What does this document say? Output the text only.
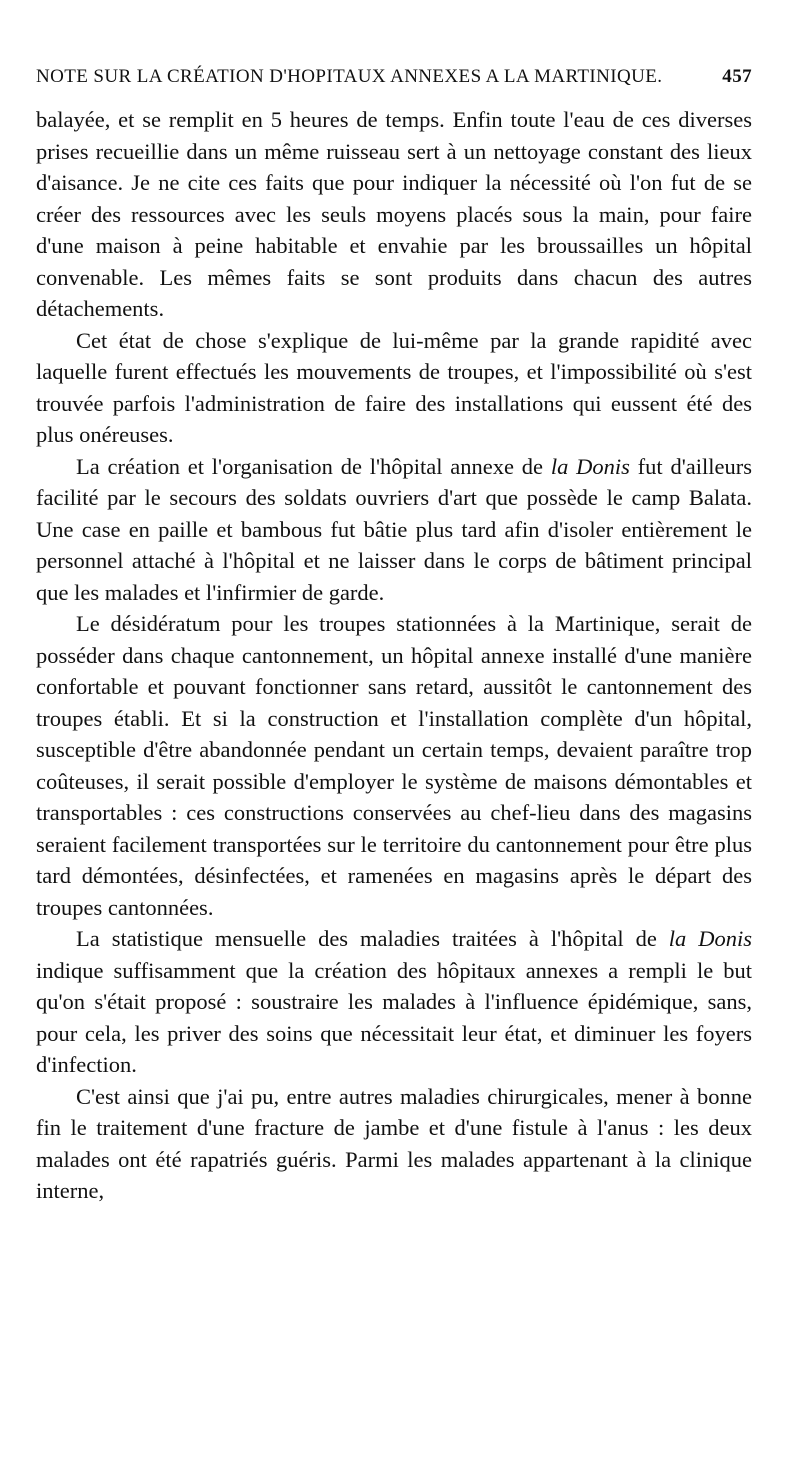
NOTE SUR LA CRÉATION D'HOPITAUX ANNEXES A LA MARTINIQUE.	457

balayée, et se remplit en 5 heures de temps. Enfin toute l'eau de ces diverses prises recueillie dans un même ruisseau sert à un nettoyage constant des lieux d'aisance. Je ne cite ces faits que pour indiquer la nécessité où l'on fut de se créer des ressources avec les seuls moyens placés sous la main, pour faire d'une maison à peine habitable et envahie par les broussailles un hôpital convenable. Les mêmes faits se sont produits dans chacun des autres détachements.

Cet état de chose s'explique de lui-même par la grande rapidité avec laquelle furent effectués les mouvements de troupes, et l'impossibilité où s'est trouvée parfois l'administration de faire des installations qui eussent été des plus onéreuses.

La création et l'organisation de l'hôpital annexe de la Donis fut d'ailleurs facilité par le secours des soldats ouvriers d'art que possède le camp Balata. Une case en paille et bambous fut bâtie plus tard afin d'isoler entièrement le personnel attaché à l'hôpital et ne laisser dans le corps de bâtiment principal que les malades et l'infirmier de garde.

Le désidératum pour les troupes stationnées à la Martinique, serait de posséder dans chaque cantonnement, un hôpital annexe installé d'une manière confortable et pouvant fonctionner sans retard, aussitôt le cantonnement des troupes établi. Et si la construction et l'installation complète d'un hôpital, susceptible d'être abandonnée pendant un certain temps, devaient paraître trop coûteuses, il serait possible d'employer le système de maisons démontables et transportables : ces constructions conservées au chef-lieu dans des magasins seraient facilement transportées sur le territoire du cantonnement pour être plus tard démontées, désinfectées, et ramenées en magasins après le départ des troupes cantonnées.

La statistique mensuelle des maladies traitées à l'hôpital de la Donis indique suffisamment que la création des hôpitaux annexes a rempli le but qu'on s'était proposé : soustraire les malades à l'influence épidémique, sans, pour cela, les priver des soins que nécessitait leur état, et diminuer les foyers d'infection.

C'est ainsi que j'ai pu, entre autres maladies chirurgicales, mener à bonne fin le traitement d'une fracture de jambe et d'une fistule à l'anus : les deux malades ont été rapatriés guéris. Parmi les malades appartenant à la clinique interne,
